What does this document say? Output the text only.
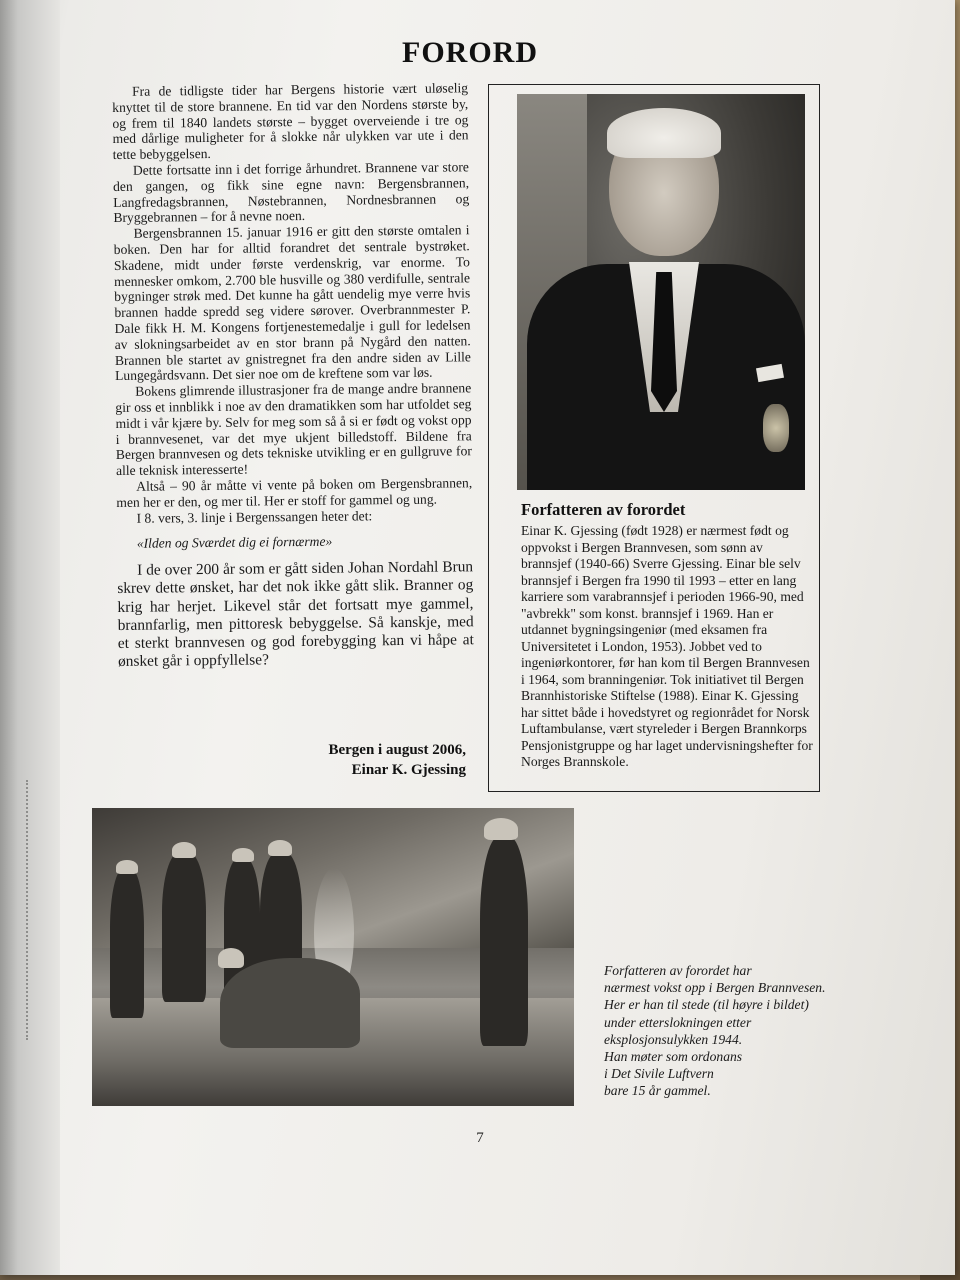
FORORD

Fra de tidligste tider har Bergens historie vært uløselig knyttet til de store brannene. En tid var den Nordens største by, og frem til 1840 landets største – bygget overveiende i tre og med dårlige muligheter for å slokke når ulykken var ute i den tette bebyggelsen.

Dette fortsatte inn i det forrige århundret. Brannene var store den gangen, og fikk sine egne navn: Bergensbrannen, Langfredagsbrannen, Nøstebrannen, Nordnesbrannen og Bryggebrannen – for å nevne noen.

Bergensbrannen 15. januar 1916 er gitt den største omtalen i boken. Den har for alltid forandret det sentrale bystrøket. Skadene, midt under første verdenskrig, var enorme. To mennesker omkom, 2.700 ble husville og 380 verdifulle, sentrale bygninger strøk med. Det kunne ha gått uendelig mye verre hvis brannen hadde spredd seg videre sørover. Overbrannmester P. Dale fikk H. M. Kongens fortjenestemedalje i gull for ledelsen av slokningsarbeidet av en stor brann på Nygård den natten. Brannen ble startet av gnistregnet fra den andre siden av Lille Lungegårdsvann. Det sier noe om de kreftene som var løs.

Bokens glimrende illustrasjoner fra de mange andre brannene gir oss et innblikk i noe av den dramatikken som har utfoldet seg midt i vår kjære by. Selv for meg som så å si er født og vokst opp i brannvesenet, var det mye ukjent billedstoff. Bildene fra Bergen brannvesen og dets tekniske utvikling er en gullgruve for alle teknisk interesserte!

Altså – 90 år måtte vi vente på boken om Bergensbrannen, men her er den, og mer til. Her er stoff for gammel og ung.

I 8. vers, 3. linje i Bergenssangen heter det:

«Ilden og Sværdet dig ei fornærme»

I de over 200 år som er gått siden Johan Nordahl Brun skrev dette ønsket, har det nok ikke gått slik. Branner og krig har herjet. Likevel står det fortsatt mye gammel, brannfarlig, men pittoresk bebyggelse. Så kanskje, med et sterkt brannvesen og god forebygging kan vi håpe at ønsket går i oppfyllelse?

Bergen i august 2006,
Einar K. Gjessing
Forfatteren av forordet
Einar K. Gjessing (født 1928) er nærmest født og oppvokst i Bergen Brannvesen, som sønn av brannsjef (1940-66) Sverre Gjessing. Einar ble selv brannsjef i Bergen fra 1990 til 1993 – etter en lang karriere som varabrannsjef i perioden 1966-90, med "avbrekk" som konst. brannsjef i 1969. Han er utdannet bygningsingeniør (med eksamen fra Universitetet i London, 1953). Jobbet ved to ingeniørkontorer, før han kom til Bergen Brannvesen i 1964, som branningeniør. Tok initiativet til Bergen Brannhistoriske Stiftelse (1988). Einar K. Gjessing har sittet både i hovedstyret og regionrådet for Norsk Luftambulanse, vært styreleder i Bergen Brannkorps Pensjonistgruppe og har laget undervisningshefter for Norges Brannskole.
Forfatteren av forordet har
nærmest vokst opp i Bergen Brannvesen.
Her er han til stede (til høyre i bildet)
under etterslokningen etter
eksplosjonsulykken 1944.
Han møter som ordonans
i Det Sivile Luftvern
bare 15 år gammel.
7
